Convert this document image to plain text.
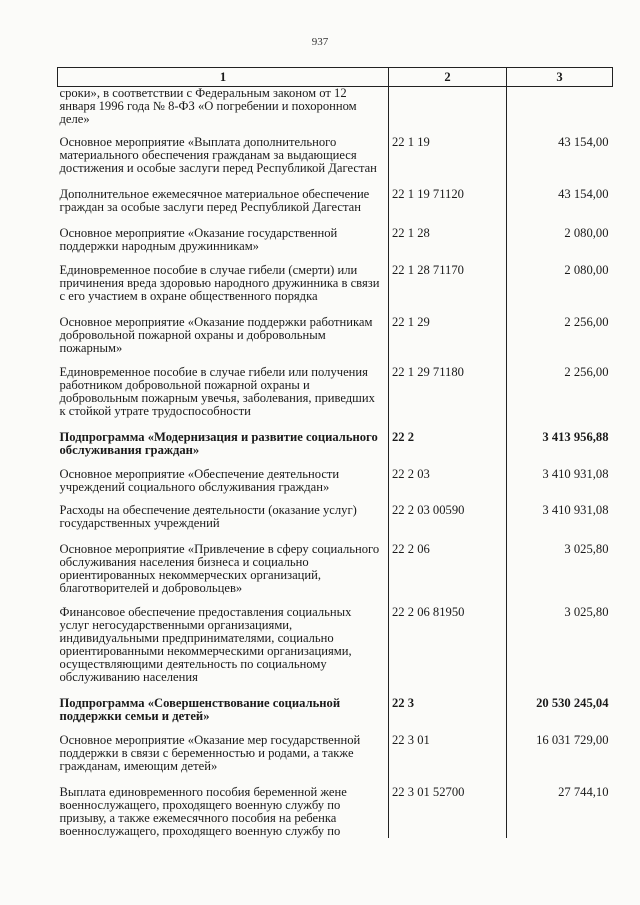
937
1	2	3
сроки», в соответствии с Федеральным законом от 12 января 1996 года № 8-ФЗ «О погребении и похоронном деле»		
Основное мероприятие «Выплата дополнительного материального обеспечения гражданам за выдающиеся достижения и особые заслуги перед Республикой Дагестан	22 1 19	43 154,00
Дополнительное ежемесячное материальное обеспечение граждан за особые заслуги перед Республикой Дагестан	22 1 19 71120	43 154,00
Основное мероприятие «Оказание государственной поддержки народным дружинникам»	22 1 28	2 080,00
Единовременное пособие в случае гибели (смерти) или причинения вреда здоровью народного дружинника в связи с его участием в охране общественного порядка	22 1 28 71170	2 080,00
Основное мероприятие «Оказание поддержки работникам добровольной пожарной охраны и добровольным пожарным»	22 1 29	2 256,00
Единовременное пособие в случае гибели или получения работником добровольной пожарной охраны и добровольным пожарным увечья, заболевания, приведших к стойкой утрате трудоспособности	22 1 29 71180	2 256,00
Подпрограмма «Модернизация и развитие социального обслуживания граждан»	22 2	3 413 956,88
Основное мероприятие «Обеспечение деятельности учреждений социального обслуживания граждан»	22 2 03	3 410 931,08
Расходы на обеспечение деятельности (оказание услуг) государственных учреждений	22 2 03 00590	3 410 931,08
Основное мероприятие «Привлечение в сферу социального обслуживания населения бизнеса и социально ориентированных некоммерческих организаций, благотворителей и добровольцев»	22 2 06	3 025,80
Финансовое обеспечение предоставления социальных услуг негосударственными организациями, индивидуальными предпринимателями, социально ориентированными некоммерческими организациями, осуществляющими деятельность по социальному обслуживанию населения	22 2 06 81950	3 025,80
Подпрограмма «Совершенствование социальной поддержки семьи и детей»	22 3	20 530 245,04
Основное мероприятие «Оказание мер государственной поддержки в связи с беременностью и родами, а также гражданам, имеющим детей»	22 3 01	16 031 729,00
Выплата единовременного пособия беременной жене военнослужащего, проходящего военную службу по призыву, а также ежемесячного пособия на ребенка военнослужащего, проходящего военную службу по	22 3 01 52700	27 744,10
